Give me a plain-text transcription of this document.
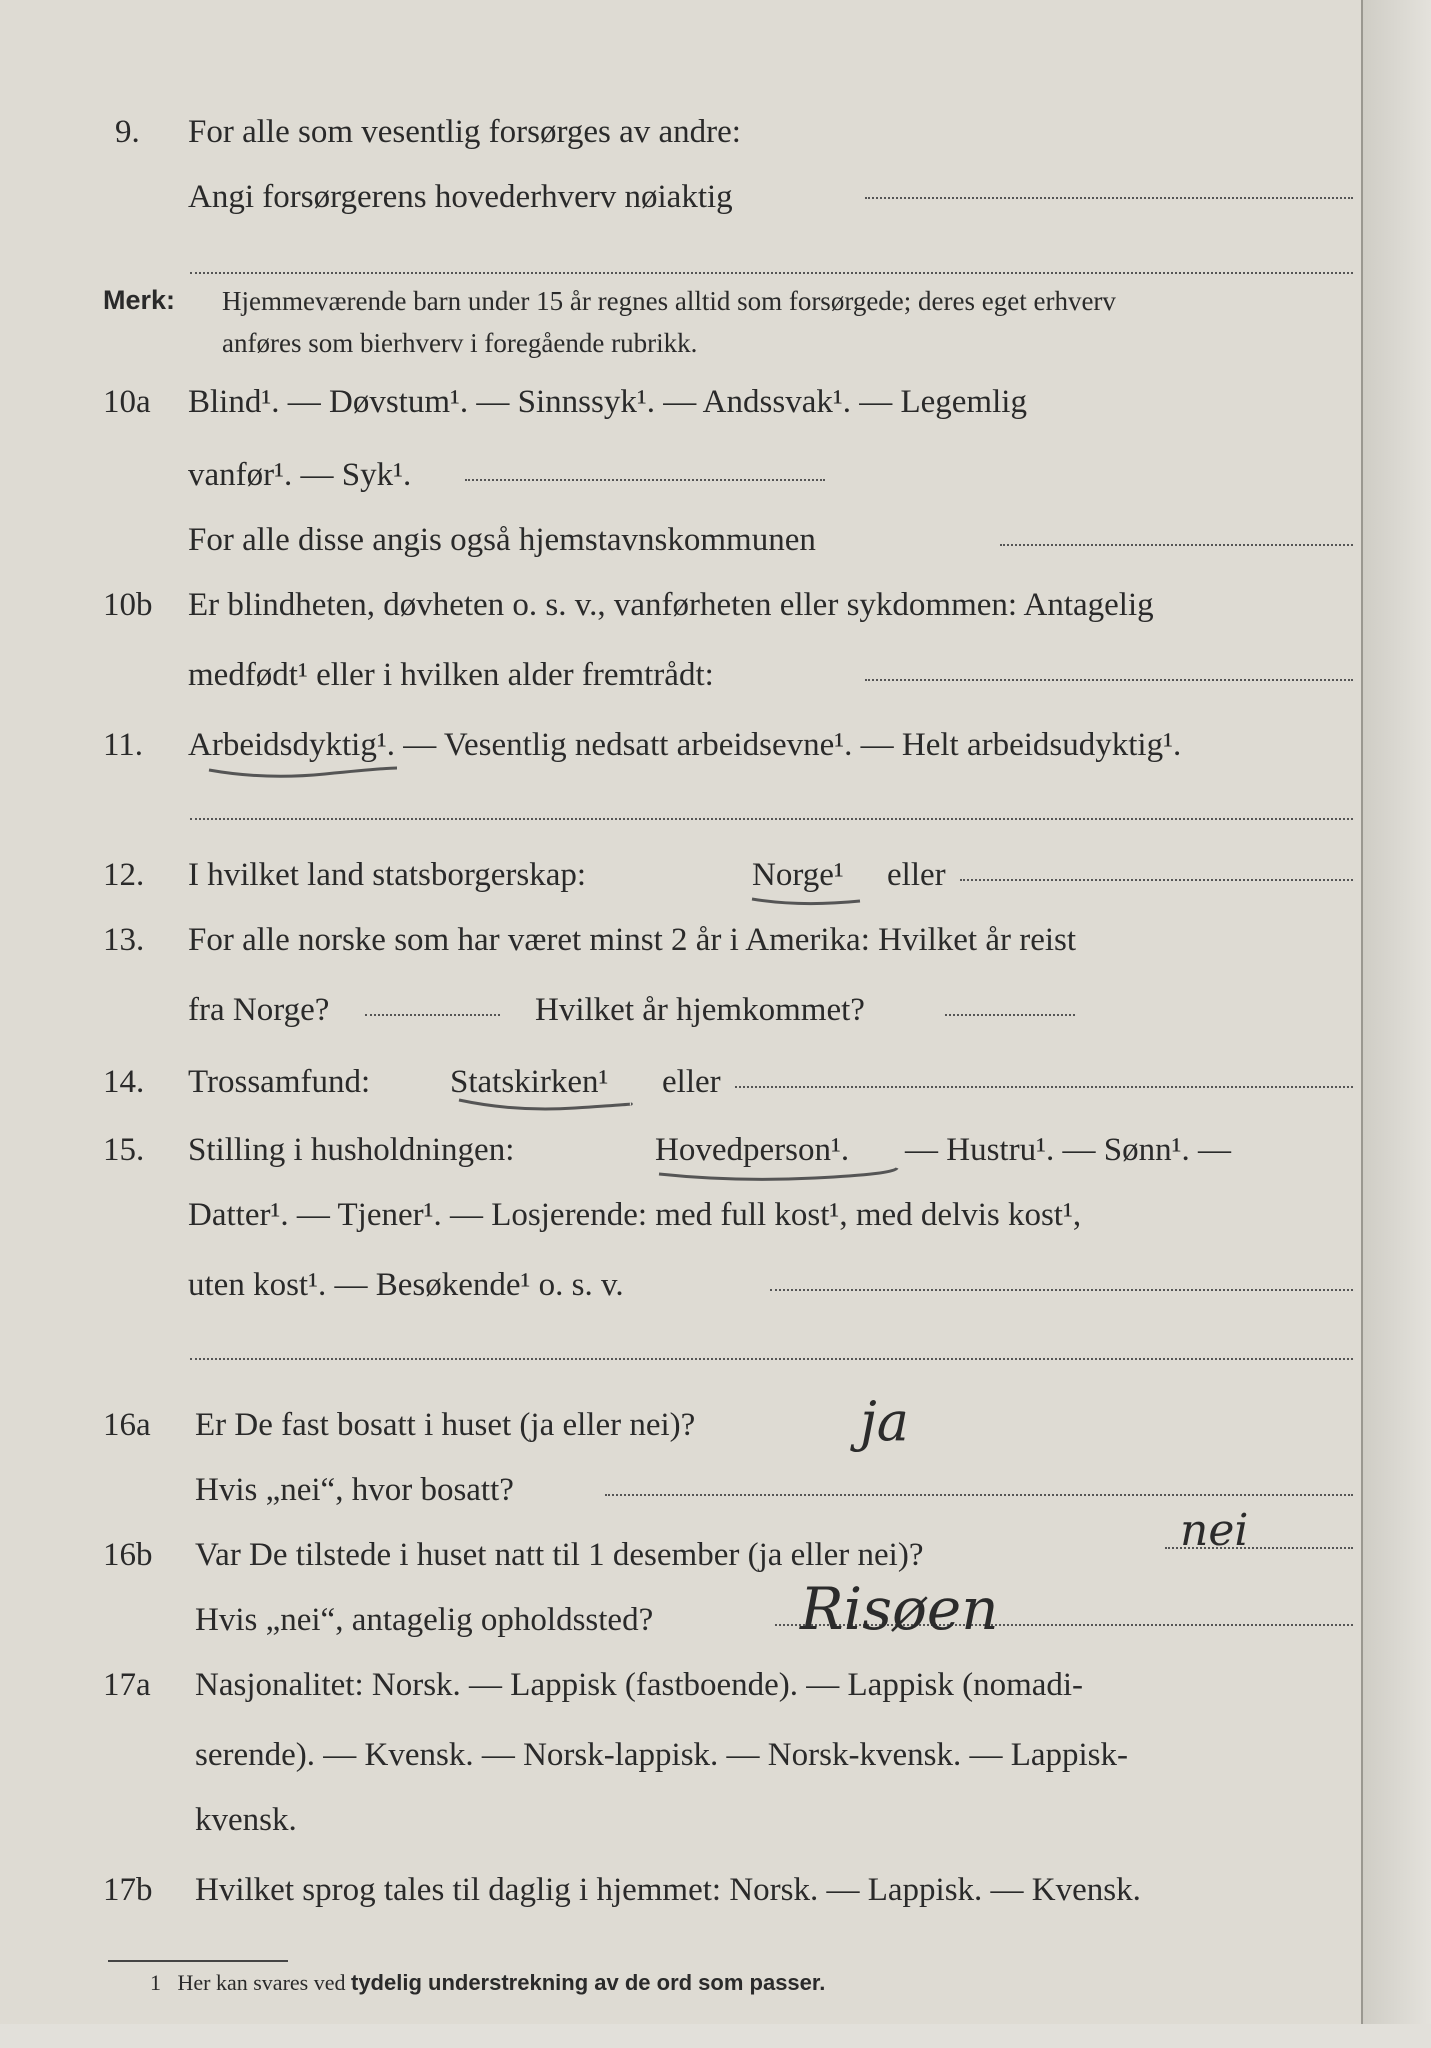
9. For alle som vesentlig forsørges av andre:
Angi forsørgerens hovederhverv nøiaktig
Merk: Hjemmeværende barn under 15 år regnes alltid som forsørgede; deres eget erhverv
anføres som bierhverv i foregående rubrikk.
10a Blind¹. — Døvstum¹. — Sinnssyk¹. — Andssvak¹. — Legemlig
vanfør¹. — Syk¹.
For alle disse angis også hjemstavnskommunen
10b Er blindheten, døvheten o. s. v., vanførheten eller sykdommen: Antagelig
medfødt¹ eller i hvilken alder fremtrådt:
11. Arbeidsdyktig¹. — Vesentlig nedsatt arbeidsevne¹. — Helt arbeidsudyktig¹.
12. I hvilket land statsborgerskap:	Norge¹ eller
13. For alle norske som har været minst 2 år i Amerika: Hvilket år reist
fra Norge?	Hvilket år hjemkommet?
14. Trossamfund: Statskirken¹ eller
15. Stilling i husholdningen:	Hovedperson¹. — Hustru¹. — Sønn¹. —
Datter¹. — Tjener¹. — Losjerende: med full kost¹, med delvis kost¹,
uten kost¹. — Besøkende¹ o. s. v.
16a Er De fast bosatt i huset (ja eller nei)?	ja
Hvis „nei“, hvor bosatt?
16b Var De tilstede i huset natt til 1 desember (ja eller nei)?	nei
Hvis „nei“, antagelig opholdssted?	Risøen
17a Nasjonalitet: Norsk. — Lappisk (fastboende). — Lappisk (nomadi-
serende). — Kvensk. — Norsk-lappisk. — Norsk-kvensk. — Lappisk-
kvensk.
17b Hvilket sprog tales til daglig i hjemmet: Norsk. — Lappisk. — Kvensk.
1 Her kan svares ved tydelig understrekning av de ord som passer.
